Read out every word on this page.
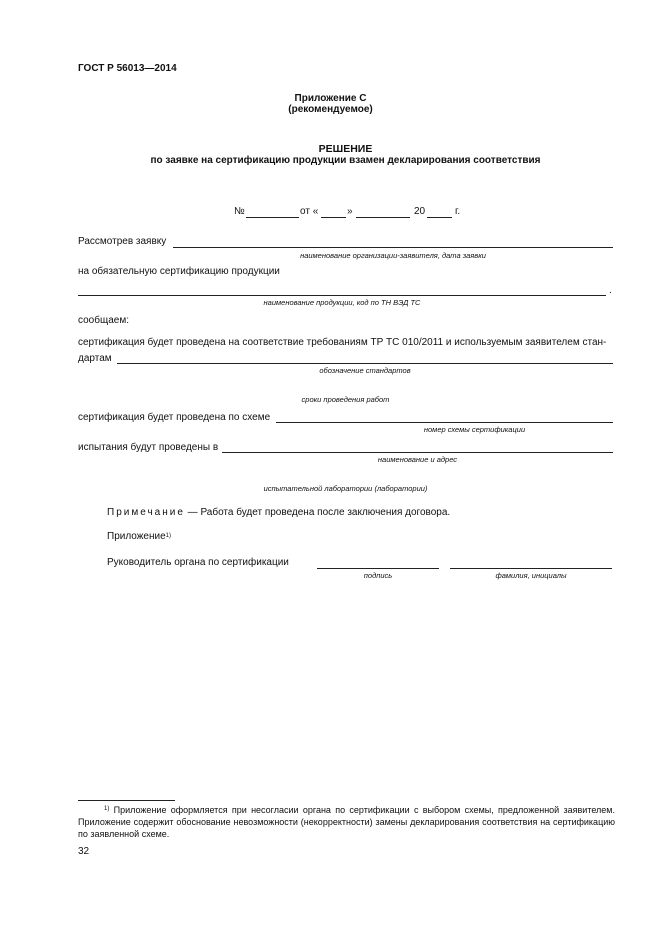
ГОСТ Р 56013—2014
Приложение С
(рекомендуемое)
РЕШЕНИЕ
по заявке на сертификацию продукции взамен декларирования соответствия
№	от «	»	20	г.
Рассмотрев заявку
наименование организации-заявителя, дата заявки
на обязательную сертификацию продукции
.
наименование продукции, код по ТН ВЭД ТС
сообщаем:
сертификация будет проведена на соответствие требованиям ТР ТС 010/2011 и используемым заявителем стан-
дартам
обозначение стандартов
сроки проведения работ
сертификация будет проведена по схеме
номер схемы сертификации
испытания будут проведены в
наименование и адрес
испытательной лаборатории (лаборатории)
Примечание — Работа будет проведена после заключения договора.
Приложение$^{1)}$
Руководитель органа по сертификации
подпись	фамилия, инициалы
$^{1)}$ Приложение оформляется при несогласии органа по сертификации с выбором схемы, предложенной заявителем. Приложение содержит обоснование невозможности (некорректности) замены декларирования соответствия на сертификацию по заявленной схеме.
32
